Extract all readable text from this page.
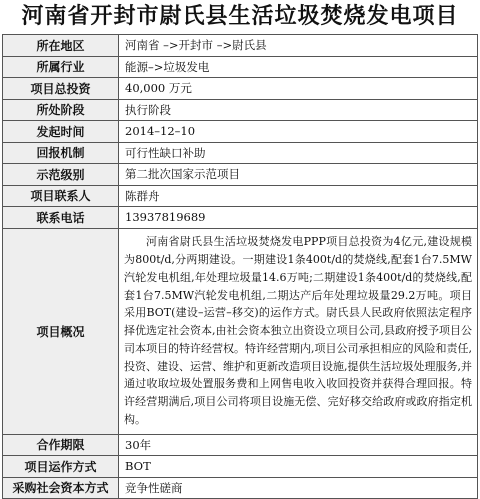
河南省开封市尉氏县生活垃圾焚烧发电项目
所在地区	河南省 –>开封市 –>尉氏县
所属行业	能源–>垃圾发电
项目总投资	40,000 万元
所处阶段	执行阶段
发起时间	2014–12–10
回报机制	可行性缺口补助
示范级别	第二批次国家示范项目
项目联系人	陈群舟
联系电话	13937819689
项目概况	河南省尉氏县生活垃圾焚烧发电PPP项目总投资为4亿元,建设规模为800t/d,分两期建设。一期建设1条400t/d的焚烧线,配套1台7.5MW汽轮发电机组,年处理垃圾量14.6万吨;二期建设1条400t/d的焚烧线,配套1台7.5MW汽轮发电机组,二期达产后年处理垃圾量29.2万吨。项目采用BOT(建设–运营–移交)的运作方式。尉氏县人民政府依照法定程序择优选定社会资本,由社会资本独立出资设立项目公司,县政府授予项目公司本项目的特许经营权。特许经营期内,项目公司承担相应的风险和责任,投资、建设、运营、维护和更新改造项目设施,提供生活垃圾处理服务,并通过收取垃圾处置服务费和上网售电收入收回投资并获得合理回报。特许经营期满后,项目公司将项目设施无偿、完好移交给政府或政府指定机构。
合作期限	30年
项目运作方式	BOT
采购社会资本方式	竞争性磋商
